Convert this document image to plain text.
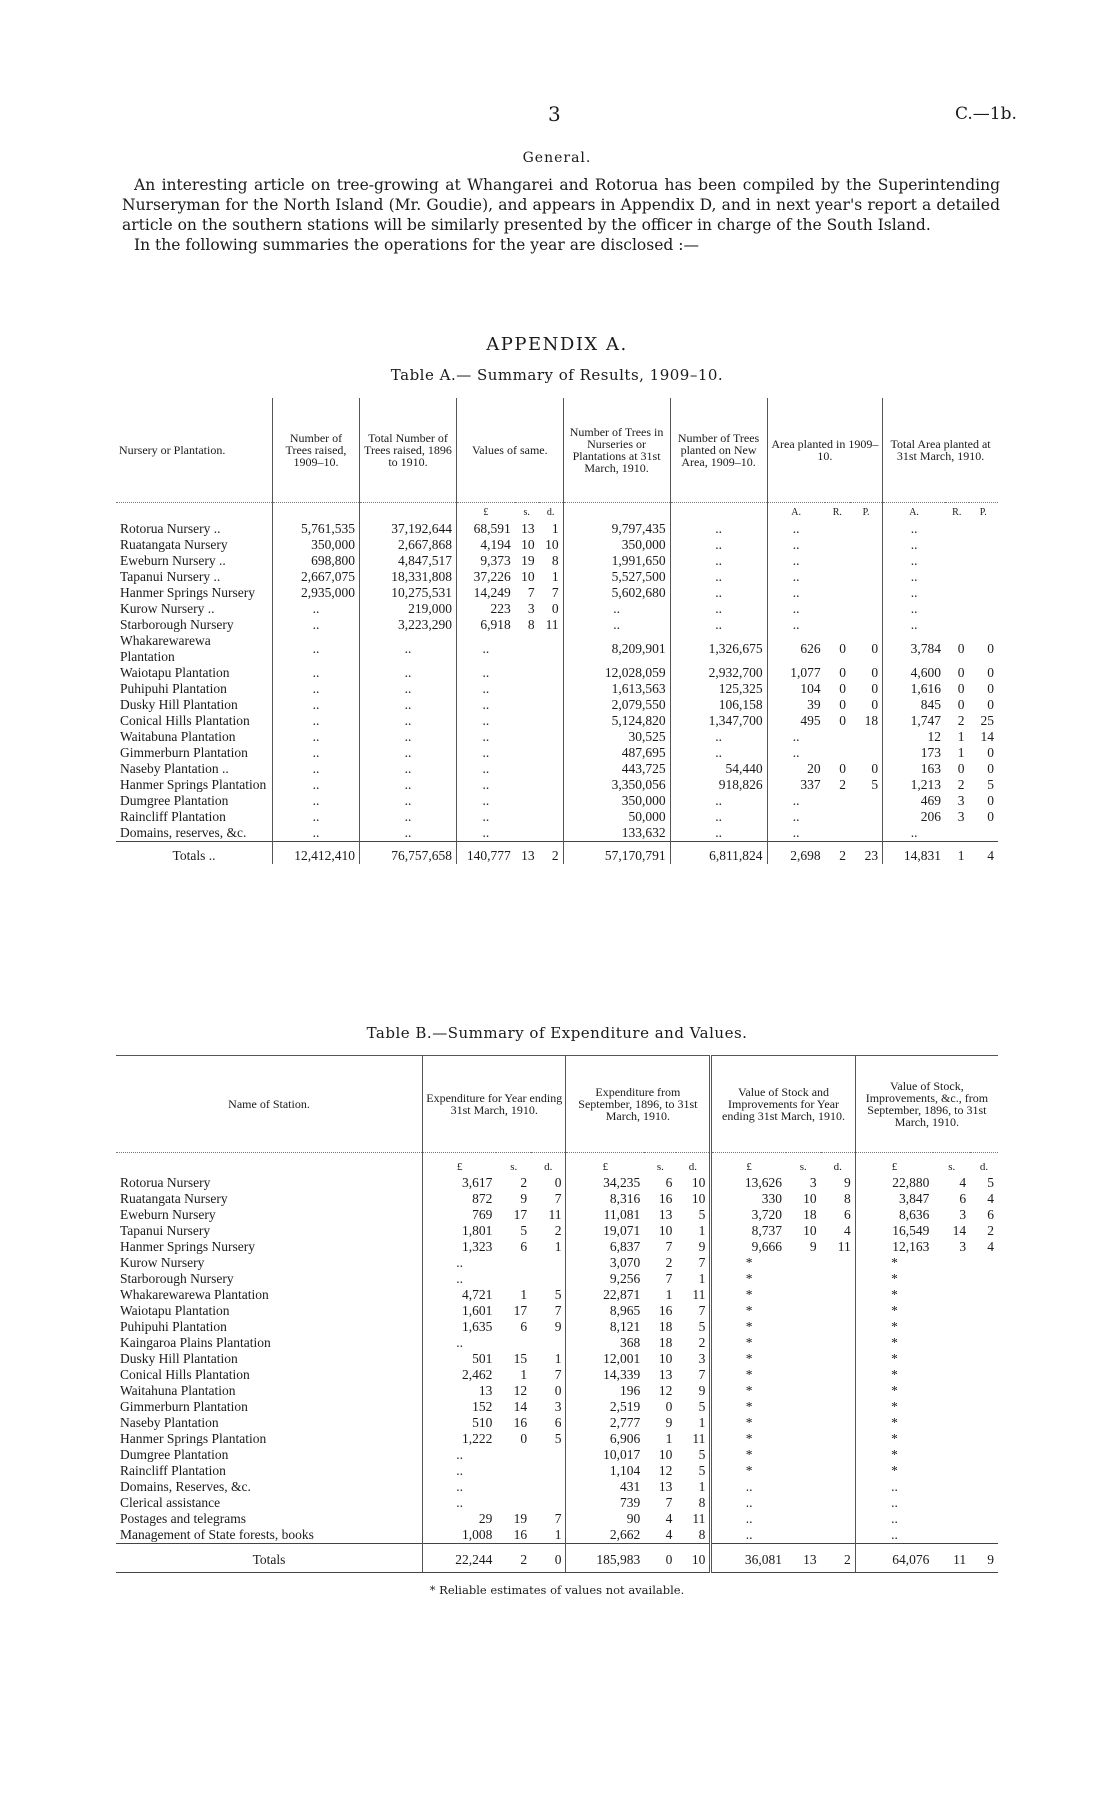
3	C.—1b.
General.

An interesting article on tree-growing at Whangarei and Rotorua has been compiled by the Superintending Nurseryman for the North Island (Mr. Goudie), and appears in Appendix D, and in next year's report a detailed article on the southern stations will be similarly presented by the officer in charge of the South Island.

In the following summaries the operations for the year are disclosed :—

APPENDIX A.
Table A.— Summary of Results, 1909–10.
Nursery or Plantation.	Number of Trees raised, 1909–10.	Total Number of Trees raised, 1896 to 1910.	Values of same.			Number of Trees in Nurseries or Plantations at 31st March, 1910.	Number of Trees planted on New Area, 1909–10.	Area planted in 1909–10.			Total Area planted at 31st March, 1910.		
			£	s.	d.			A.	R.	P.	A.	R.	P.
Rotorua Nursery ..	5,761,535	37,192,644	68,591	13	1	9,797,435	..	..			..		
Ruatangata Nursery	350,000	2,667,868	4,194	10	10	350,000	..	..			..		
Eweburn Nursery ..	698,800	4,847,517	9,373	19	8	1,991,650	..	..			..		
Tapanui Nursery ..	2,667,075	18,331,808	37,226	10	1	5,527,500	..	..			..		
Hanmer Springs Nursery	2,935,000	10,275,531	14,249	7	7	5,602,680	..	..			..		
Kurow Nursery ..	..	219,000	223	3	0	..	..	..			..		
Starborough Nursery	..	3,223,290	6,918	8	11	..	..	..			..		
Whakarewarewa Plantation	..	..	..			8,209,901	1,326,675	626	0	0	3,784	0	0
Waiotapu Plantation	..	..	..			12,028,059	2,932,700	1,077	0	0	4,600	0	0
Puhipuhi Plantation	..	..	..			1,613,563	125,325	104	0	0	1,616	0	0
Dusky Hill Plantation	..	..	..			2,079,550	106,158	39	0	0	845	0	0
Conical Hills Plantation	..	..	..			5,124,820	1,347,700	495	0	18	1,747	2	25
Waitabuna Plantation	..	..	..			30,525	..	..			12	1	14
Gimmerburn Plantation	..	..	..			487,695	..	..			173	1	0
Naseby Plantation ..	..	..	..			443,725	54,440	20	0	0	163	0	0
Hanmer Springs Plantation	..	..	..			3,350,056	918,826	337	2	5	1,213	2	5
Dumgree Plantation	..	..	..			350,000	..	..			469	3	0
Raincliff Plantation	..	..	..			50,000	..	..			206	3	0
Domains, reserves, &c.	..	..	..			133,632	..	..			..		
Totals ..	12,412,410	76,757,658	140,777	13	2	57,170,791	6,811,824	2,698	2	23	14,831	1	4
Table B.—Summary of Expenditure and Values.
Name of Station.	Expenditure for Year ending 31st March, 1910.			Expenditure from September, 1896, to 31st March, 1910.			Value of Stock and Improvements for Year ending 31st March, 1910.			Value of Stock, Improvements, &c., from September, 1896, to 31st March, 1910.		
	£	s.	d.	£	s.	d.	£	s.	d.	£	s.	d.
Rotorua Nursery	3,617	2	0	34,235	6	10	13,626	3	9	22,880	4	5
Ruatangata Nursery	872	9	7	8,316	16	10	330	10	8	3,847	6	4
Eweburn Nursery	769	17	11	11,081	13	5	3,720	18	6	8,636	3	6
Tapanui Nursery	1,801	5	2	19,071	10	1	8,737	10	4	16,549	14	2
Hanmer Springs Nursery	1,323	6	1	6,837	7	9	9,666	9	11	12,163	3	4
Kurow Nursery	..			3,070	2	7	*			*		
Starborough Nursery	..			9,256	7	1	*			*		
Whakarewarewa Plantation	4,721	1	5	22,871	1	11	*			*		
Waiotapu Plantation	1,601	17	7	8,965	16	7	*			*		
Puhipuhi Plantation	1,635	6	9	8,121	18	5	*			*		
Kaingaroa Plains Plantation	..			368	18	2	*			*		
Dusky Hill Plantation	501	15	1	12,001	10	3	*			*		
Conical Hills Plantation	2,462	1	7	14,339	13	7	*			*		
Waitahuna Plantation	13	12	0	196	12	9	*			*		
Gimmerburn Plantation	152	14	3	2,519	0	5	*			*		
Naseby Plantation	510	16	6	2,777	9	1	*			*		
Hanmer Springs Plantation	1,222	0	5	6,906	1	11	*			*		
Dumgree Plantation	..			10,017	10	5	*			*		
Raincliff Plantation	..			1,104	12	5	*			*		
Domains, Reserves, &c.	..			431	13	1	..			..		
Clerical assistance	..			739	7	8	..			..		
Postages and telegrams	29	19	7	90	4	11	..			..		
Management of State forests, books	1,008	16	1	2,662	4	8	..			..		
Totals	22,244	2	0	185,983	0	10	36,081	13	2	64,076	11	9
* Reliable estimates of values not available.
